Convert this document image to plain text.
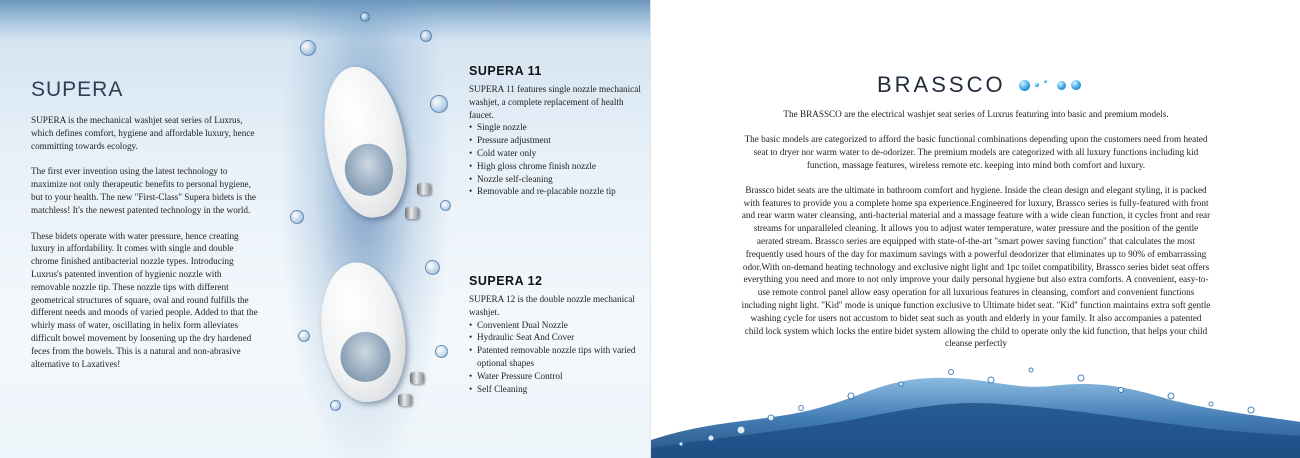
SUPERA

SUPERA is the mechanical washjet seat series of Luxrus, which defines comfort, hygiene and affordable luxury, hence committing towards ecology.

The first ever invention using the latest technology to maximize not only therapeutic benefits to personal hygiene, but to your health. The new "First-Class" Supera bidets is the matchless! It's the newest patented technology in the world.

These bidets operate with water pressure, hence creating luxury in affordability. It comes with single and double chrome finished antibacterial nozzle types. Introducing Luxrus's patented invention of hygienic nozzle with removable nozzle tip. These nozzle tips with different geometrical structures of square, oval and round fulfills the different needs and moods of varied people. Added to that the whirly mass of water, oscillating in helix form alleviates difficult bowel movement by loosening up the dry hardened feces from the bowels. This is a natural and non-abrasive alternative to Laxatives!

SUPERA 11

SUPERA 11 features single nozzle mechanical washjet, a complete replacement of health faucet.

• Single nozzle
• Pressure adjustment
• Cold water only
• High gloss chrome finish nozzle
• Nozzle self-cleaning
• Removable and re-placable nozzle tip
SUPERA 12

SUPERA 12 is the double nozzle mechanical washjet.

• Convenient Dual Nozzle
• Hydraulic Seat And Cover
• Patented removable nozzle tips with varied optional shapes
• Water Pressure Control
• Self Cleaning
BRASSCO

The BRASSCO are the electrical washjet seat series of Luxrus featuring into basic and premium models.

The basic models are categorized to afford the basic functional combinations depending upon the customers need from heated seat to dryer nor warm water to de-odorizer. The premium models are categorized with all luxury functions including kid function, massage features, wireless remote etc. keeping into mind both comfort and luxury.

Brassco bidet seats are the ultimate in bathroom comfort and hygiene. Inside the clean design and elegant styling, it is packed with features to provide you a complete home spa experience.Engineered for luxury, Brassco series is fully-featured with front and rear warm water cleansing, anti-bacterial material and a massage feature with a wide clean function, it cycles front and rear streams for unparalleled cleaning. It allows you to adjust water temperature, water pressure and the position of the gentle aerated stream. Brassco series are equipped with state-of-the-art "smart power saving function" that calculates the most frequently used hours of the day for maximum savings with a powerful deodorizer that eliminates up to 90% of embarrassing odor.With on-demand heating technology and exclusive night light and 1pc toilet compatibility, Brassco series bidet seat offers everything you need and more to not only improve your daily personal hygiene but also extra comforts. A convenient, easy-to-use remote control panel allow easy operation for all luxurious features in cleansing, comfort and convenient functions including night light. "Kid" mode is unique function exclusive to Ultimate bidet seat. "Kid" function maintains extra soft gentle washing cycle for users not accustom to bidet seat such as youth and elderly in your family. It also accompanies a patented child lock system which locks the entire bidet system allowing the child to operate only the kid function, that helps your child cleanse perfectly
